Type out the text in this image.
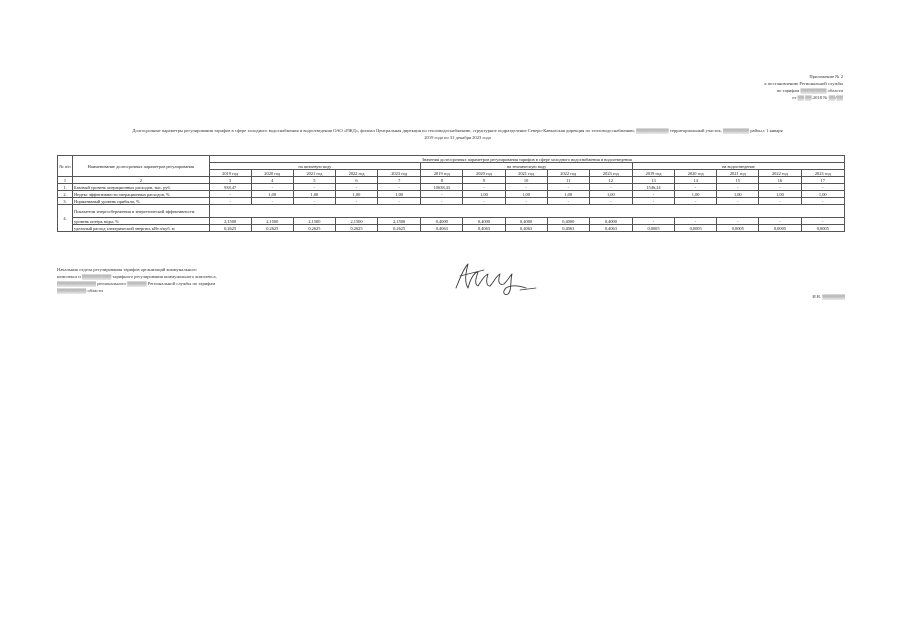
Приложение № 2
к постановлению Региональной службы
по тарифам ▒▒▒▒▒▒▒▒ области
от ▒▒.▒▒.2018 № ▒▒/▒▒
Долгосрочные параметры регулирования тарифов в сфере холодного водоснабжения и водоотведения ОАО «РЖД», филиал Центральная дирекция по тепловодоснабжению, структурное подразделение Северо-Кавказская дирекция по тепловодоснабжению, ▒▒▒▒▒▒▒▒▒▒ территориальный участок, ▒▒▒▒▒▒▒▒ район,с 1 января
2019 года по 31 декабря 2023 года
№ п/п	Наименование долгосрочных параметров регулирования	Значения долгосрочных параметров регулирования тарифов в сфере холодного водоснабжения и водоотведения														
		на питьевую воду					на техническую воду					на водоотведение				
		2019 год	2020 год	2021 год	2022 год	2023 год	2019 год	2020 год	2021 год	2022 год	2023 год	2019 год	2020 год	2021 год	2022 год	2023 год
1	2	3	4	5	6	7	8	9	10	11	12	13	14	15	16	17
1.	Базовый уровень операционных расходов, тыс. руб.	938,47	-	-	-	-	10638,43	-	-	-	-	1546,24	-	-	-	-
2.	Индекс эффективности операционных расходов, %	-	1,00	1,00	1,00	1,00	-	1,00	1,00	1,00	1,00	-	1,00	1,00	1,00	1,00
3.	Нормативный уровень прибыли, %	-	-	-	-	-	-	-	-	-	-	-	-	-	-	-
4.	Показатели энергосбережения и энергетической эффективности:															
	уровень потерь воды, %	2,1500	2,1500	2,1500	2,1500	2,1500	0,4000	0,4000	0,4000	0,4000	0,4000	-	-	-	-	-
	удельный расход электрической энергии, кВт.ч/куб. м	0,2625	0,2625	0,2625	0,2625	0,2625	0,4063	0,4063	0,4063	0,4063	0,4063	0,0005	0,0005	0,0005	0,0005	0,0005
Начальник отдела регулирования тарифов организаций коммунального
комплекса и ▒▒▒▒▒▒▒▒▒ тарифного регулирования коммунального комплекса,
▒▒▒▒▒▒▒▒▒▒▒▒ регионального ▒▒▒▒▒▒ Региональной службы по тарифам
▒▒▒▒▒▒▒▒▒ области
И.В. ▒▒▒▒▒▒▒
